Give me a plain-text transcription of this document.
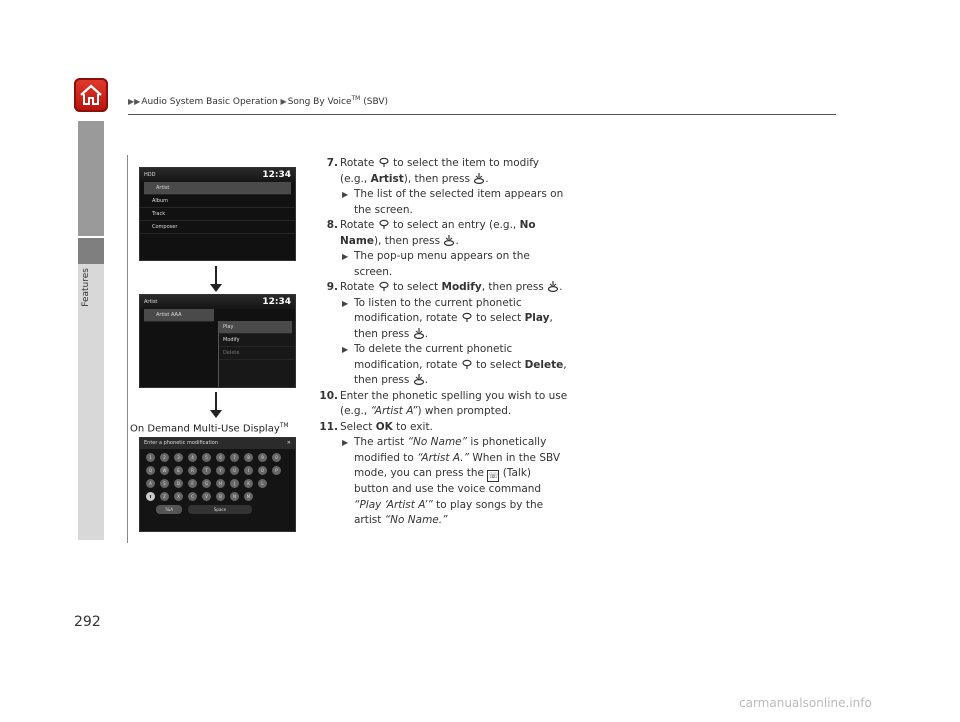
▶▶Audio System Basic Operation ▶Song By Voice™ (SBV)
Features
292
HDD	12:34
Artist
Album
Track
Composer
Artist	12:34
Artist AAA
Play
Modify
Delete
On Demand Multi-Use Display™
Enter a phonetic modification	✕
1	2	3	4	5	6	7	8	9	0
Q	W	E	R	T	Y	U	I	O	P
A	S	D	F	G	H	J	K	L
⬆	Z	X	C	V	B	N	M
?&A	Space
7. Rotate to select the item to modify (e.g., Artist), then press .
▶ The list of the selected item appears on the screen.
8. Rotate to select an entry (e.g., No Name), then press .
▶ The pop-up menu appears on the screen.
9. Rotate to select Modify, then press .
▶ To listen to the current phonetic modification, rotate to select Play, then press .
▶ To delete the current phonetic modification, rotate to select Delete, then press .
10. Enter the phonetic spelling you wish to use (e.g., “Artist A”) when prompted.
11. Select OK to exit.
▶ The artist “No Name” is phonetically modified to “Artist A.” When in the SBV mode, you can press the ☏ (Talk) button and use the voice command “Play ‘Artist A’” to play songs by the artist “No Name.”
carmanualsonline.info
